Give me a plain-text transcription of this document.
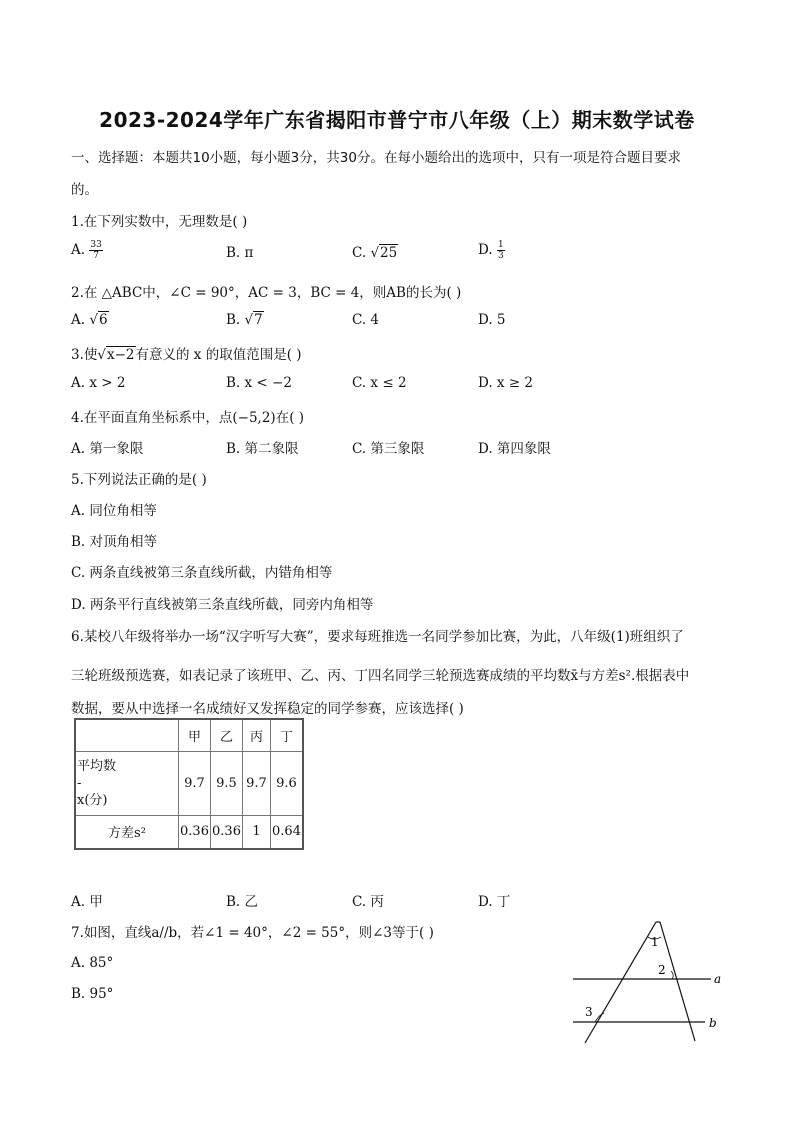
2023-2024学年广东省揭阳市普宁市八年级（上）期末数学试卷
一、选择题：本题共10小题，每小题3分，共30分。在每小题给出的选项中，只有一项是符合题目要求
的。
1.在下列实数中，无理数是( )
A. $\frac{33}{7}$	B. π	C. √25	D. $\frac{1}{3}$
2.在 △ABC中，∠C = 90°，AC = 3，BC = 4，则AB的长为( )
A. √6	B. √7	C. 4	D. 5
3.使√x−2有意义的 x 的取值范围是( )
A. x > 2	B. x < −2	C. x ≤ 2	D. x ≥ 2
4.在平面直角坐标系中，点(−5,2)在( )
A. 第一象限	B. 第二象限	C. 第三象限	D. 第四象限
5.下列说法正确的是( )
A. 同位角相等
B. 对顶角相等
C. 两条直线被第三条直线所截，内错角相等
D. 两条平行直线被第三条直线所截，同旁内角相等
6.某校八年级将举办一场“汉字听写大赛”，要求每班推选一名同学参加比赛，为此，八年级(1)班组织了
三轮班级预选赛，如表记录了该班甲、乙、丙、丁四名同学三轮预选赛成绩的平均数x̄与方差s².根据表中
数据，要从中选择一名成绩好又发挥稳定的同学参赛，应该选择( )
	甲	乙	丙	丁

平均数
-
x(分)	9.7	9.5	9.7	9.6
方差s²	0.36	0.36	1	0.64
A. 甲	B. 乙	C. 丙	D. 丁
7.如图，直线a//b，若∠1 = 40°，∠2 = 55°，则∠3等于( )
A. 85°
B. 95°
1
2
3
a
b
